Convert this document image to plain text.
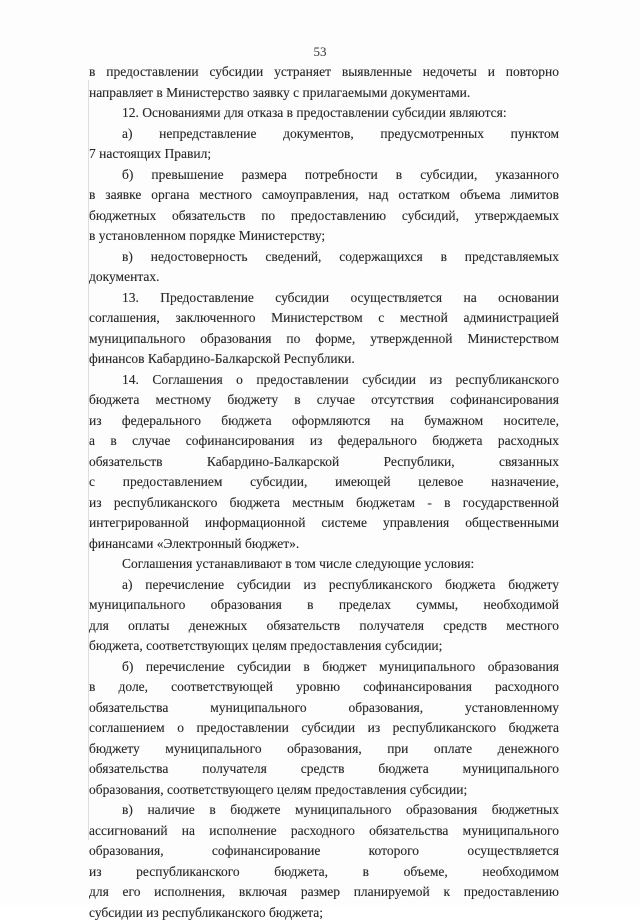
53
в предоставлении субсидии устраняет выявленные недочеты и повторно
направляет в Министерство заявку с прилагаемыми документами.
12. Основаниями для отказа в предоставлении субсидии являются:
а) непредставление документов, предусмотренных пунктом
7 настоящих Правил;
б) превышение размера потребности в субсидии, указанного
в заявке органа местного самоуправления, над остатком объема лимитов
бюджетных обязательств по предоставлению субсидий, утверждаемых
в установленном порядке Министерству;
в) недостоверность сведений, содержащихся в представляемых
документах.
13. Предоставление субсидии осуществляется на основании
соглашения, заключенного Министерством с местной администрацией
муниципального образования по форме, утвержденной Министерством
финансов Кабардино-Балкарской Республики.
14. Соглашения о предоставлении субсидии из республиканского
бюджета местному бюджету в случае отсутствия софинансирования
из федерального бюджета оформляются на бумажном носителе,
а в случае софинансирования из федерального бюджета расходных
обязательств Кабардино-Балкарской Республики, связанных
с предоставлением субсидии, имеющей целевое назначение,
из республиканского бюджета местным бюджетам - в государственной
интегрированной информационной системе управления общественными
финансами «Электронный бюджет».
Соглашения устанавливают в том числе следующие условия:
а) перечисление субсидии из республиканского бюджета бюджету
муниципального образования в пределах суммы, необходимой
для оплаты денежных обязательств получателя средств местного
бюджета, соответствующих целям предоставления субсидии;
б) перечисление субсидии в бюджет муниципального образования
в доле, соответствующей уровню софинансирования расходного
обязательства муниципального образования, установленному
соглашением о предоставлении субсидии из республиканского бюджета
бюджету муниципального образования, при оплате денежного
обязательства получателя средств бюджета муниципального
образования, соответствующего целям предоставления субсидии;
в) наличие в бюджете муниципального образования бюджетных
ассигнований на исполнение расходного обязательства муниципального
образования, софинансирование которого осуществляется
из республиканского бюджета, в объеме, необходимом
для его исполнения, включая размер планируемой к предоставлению
субсидии из республиканского бюджета;
